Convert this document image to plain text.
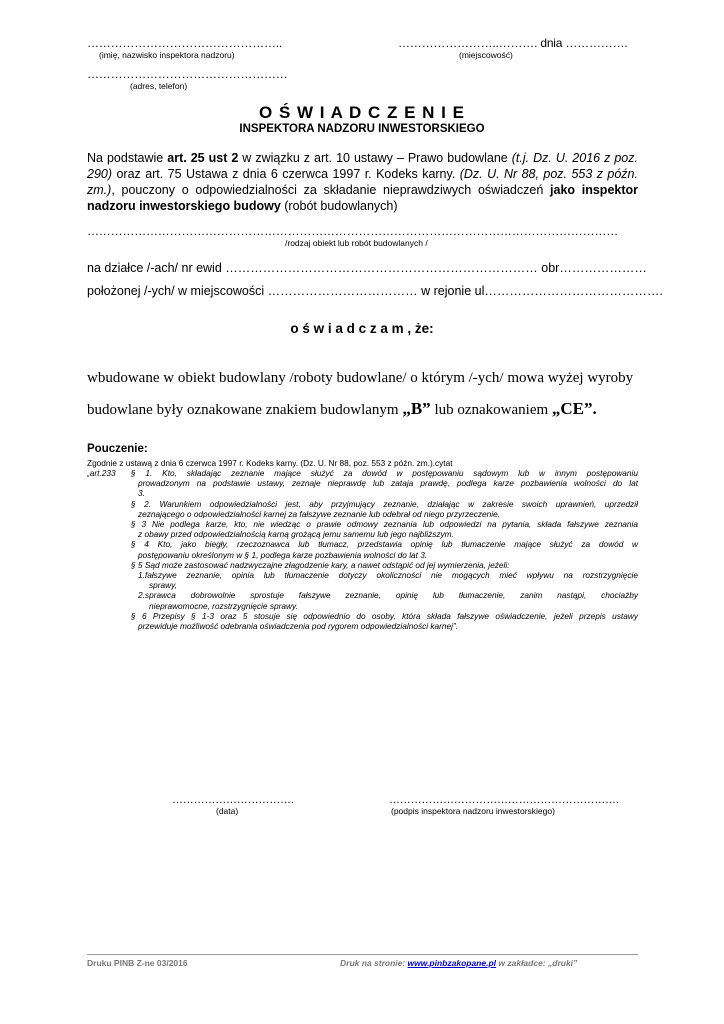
…………………………………………..
(imię, nazwisko inspektora nadzoru)
……………………..………. dnia …………….
(miejscowość)
……………………………………………
(adres, telefon)
O Ś W I A D C Z E N I E
INSPEKTORA NADZORU INWESTORSKIEGO
Na podstawie art. 25 ust 2 w związku z art. 10 ustawy – Prawo budowlane (t.j. Dz. U. 2016 z poz. 290) oraz art. 75 Ustawa z dnia 6 czerwca 1997 r. Kodeks karny. (Dz. U. Nr 88, poz. 553 z późn. zm.), pouczony o odpowiedzialności za składanie nieprawdziwych oświadczeń jako inspektor nadzoru inwestorskiego budowy (robót budowlanych)
………………………………………………………………………………………………………………………
/rodzaj obiekt lub robót budowlanych /
na działce /-ach/ nr ewid ………………………………………………………………… obr…………………
położonej /-ych/ w miejscowości ……………………………… w rejonie ul…………………………………….
o ś w i a d c z a m , że:
wbudowane w obiekt budowlany /roboty budowlane/ o którym /-ych/ mowa wyżej wyroby
budowlane były oznakowane znakiem budowlanym „B” lub oznakowaniem „CE”.
Pouczenie:
Zgodnie z ustawą z dnia 6 czerwca 1997 r. Kodeks karny. (Dz. U. Nr 88, poz. 553 z późn. zm.).cytat
„art.233 § 1. Kto, składając zeznanie mające służyć za dowód w postępowaniu sądowym lub w innym postępowaniu
prowadzonym na podstawie ustawy, zeznaje nieprawdę lub zataja prawdę, podlega karze pozbawienia wolności do lat
3.
§ 2. Warunkiem odpowiedzialności jest, aby przyjmujący zeznanie, działając w zakresie swoich uprawnień, uprzedził
zeznającego o odpowiedzialności karnej za fałszywe zeznanie lub odebrał od niego przyrzeczenie.
§ 3 Nie podlega karze, kto, nie wiedząc o prawie odmowy zeznania lub odpowiedzi na pytania, składa fałszywe zeznania
z obawy przed odpowiedzialnością karną grożącą jemu samemu lub jego najbliższym.
§ 4 Kto, jako biegły, rzeczoznawca lub tłumacz, przedstawia opinię lub tłumaczenie mające służyć za dowód w
postępowaniu określonym w § 1, podlega karze pozbawienia wolności do lat 3.
§ 5 Sąd może zastosować nadzwyczajne złagodzenie kary, a nawet odstąpić od jej wymierzenia, jeżeli:
1.fałszywe zeznanie, opinia lub tłumaczenie dotyczy okoliczności nie mogących mieć wpływu na rozstrzygnięcie
sprawy,
2.sprawca dobrowolnie sprostuje fałszywe zeznanie, opinię lub tłumaczenie, zanim nastąpi, chociażby
nieprawomocne, rozstrzygnięcie sprawy.
§ 6 Przepisy § 1-3 oraz 5 stosuje się odpowiednio do osoby, która składa fałszywe oświadczenie, jeżeli przepis ustawy
przewiduje możliwość odebrania oświadczenia pod rygorem odpowiedzialności karnej”.
…………………………….
(data)
……………………………………………………….
(podpis inspektora nadzoru inwestorskiego)
Druku PINB Z-ne 03/2016	Druk na stronie: www.pinbzakopane.pl w zakładce: „druki”
